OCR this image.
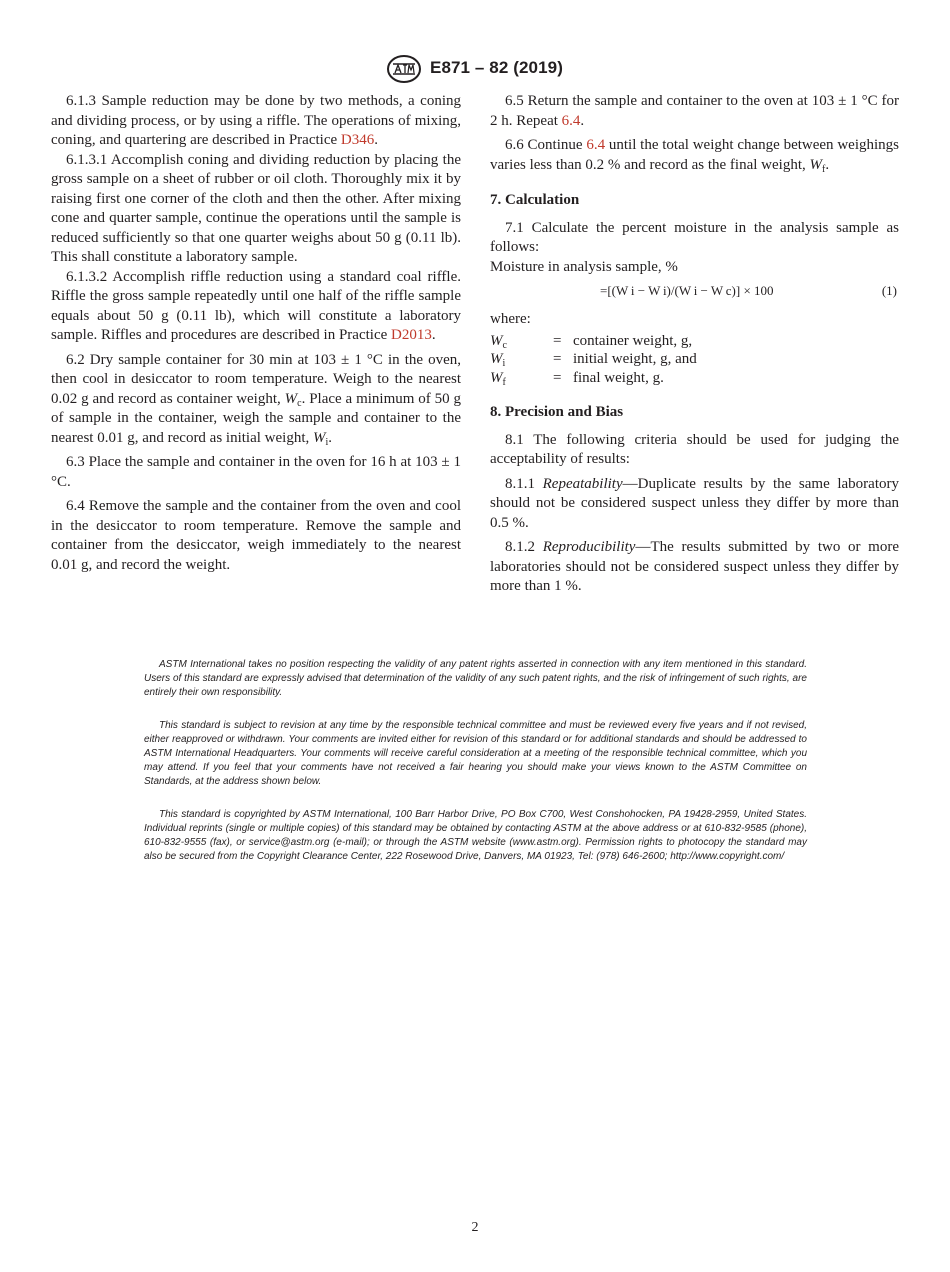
E871 – 82 (2019)

6.1.3 Sample reduction may be done by two methods, a coning and dividing process, or by using a riffle. The operations of mixing, coning, and quartering are described in Practice D346.

6.1.3.1 Accomplish coning and dividing reduction by placing the gross sample on a sheet of rubber or oil cloth. Thoroughly mix it by raising first one corner of the cloth and then the other. After mixing cone and quarter sample, continue the operations until the sample is reduced sufficiently so that one quarter weighs about 50 g (0.11 lb). This shall constitute a laboratory sample.

6.1.3.2 Accomplish riffle reduction using a standard coal riffle. Riffle the gross sample repeatedly until one half of the riffle sample equals about 50 g (0.11 lb), which will constitute a laboratory sample. Riffles and procedures are described in Practice D2013.

6.2 Dry sample container for 30 min at 103 ± 1 °C in the oven, then cool in desiccator to room temperature. Weigh to the nearest 0.02 g and record as container weight, $W_c$. Place a minimum of 50 g of sample in the container, weigh the sample and container to the nearest 0.01 g, and record as initial weight, $W_i$.

6.3 Place the sample and container in the oven for 16 h at 103 ± 1 °C.

6.4 Remove the sample and the container from the oven and cool in the desiccator to room temperature. Remove the sample and container from the desiccator, weigh immediately to the nearest 0.01 g, and record the weight.

6.5 Return the sample and container to the oven at 103 ± 1 °C for 2 h. Repeat 6.4.

6.6 Continue 6.4 until the total weight change between weighings varies less than 0.2 % and record as the final weight, $W_f$.

7. Calculation

7.1 Calculate the percent moisture in the analysis sample as follows:

Moisture in analysis sample, %
=[(W i − W i)/(W i − W c)] × 100	(1)
where:
$W_c$	= container weight, g,
$W_i$	= initial weight, g, and
$W_f$	= final weight, g.
8. Precision and Bias

8.1 The following criteria should be used for judging the acceptability of results:

8.1.1 Repeatability—Duplicate results by the same laboratory should not be considered suspect unless they differ by more than 0.5 %.

8.1.2 Reproducibility—The results submitted by two or more laboratories should not be considered suspect unless they differ by more than 1 %.

ASTM International takes no position respecting the validity of any patent rights asserted in connection with any item mentioned in this standard. Users of this standard are expressly advised that determination of the validity of any such patent rights, and the risk of infringement of such rights, are entirely their own responsibility.

This standard is subject to revision at any time by the responsible technical committee and must be reviewed every five years and if not revised, either reapproved or withdrawn. Your comments are invited either for revision of this standard or for additional standards and should be addressed to ASTM International Headquarters. Your comments will receive careful consideration at a meeting of the responsible technical committee, which you may attend. If you feel that your comments have not received a fair hearing you should make your views known to the ASTM Committee on Standards, at the address shown below.

This standard is copyrighted by ASTM International, 100 Barr Harbor Drive, PO Box C700, West Conshohocken, PA 19428-2959, United States. Individual reprints (single or multiple copies) of this standard may be obtained by contacting ASTM at the above address or at 610-832-9585 (phone), 610-832-9555 (fax), or service@astm.org (e-mail); or through the ASTM website (www.astm.org). Permission rights to photocopy the standard may also be secured from the Copyright Clearance Center, 222 Rosewood Drive, Danvers, MA 01923, Tel: (978) 646-2600; http://www.copyright.com/

2
